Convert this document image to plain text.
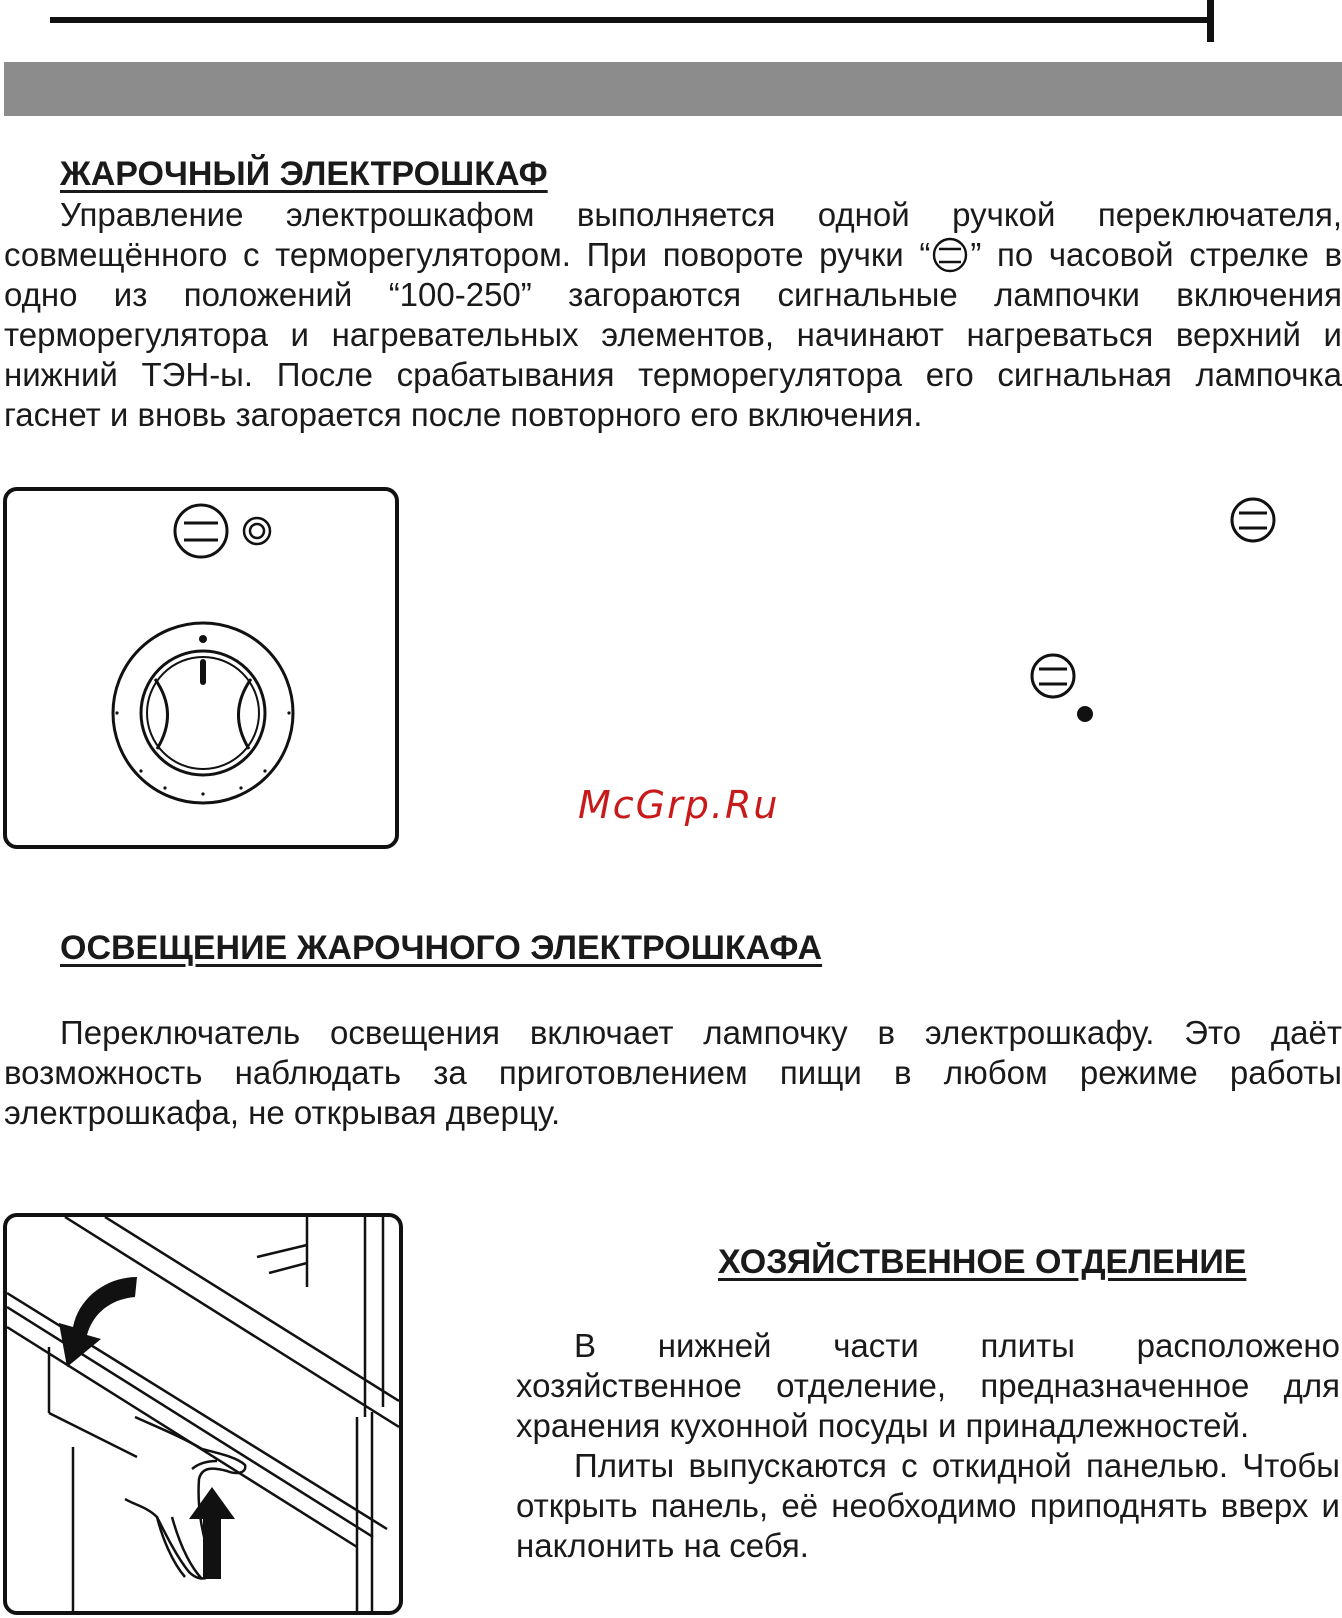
ЖАРОЧНЫЙ ЭЛЕКТРОШКАФ
Управление электрошкафом выполняется одной ручкой переключателя, совмещённого с терморегулятором. При повороте ручки “ ” по часовой стрелке в одно из положений “100-250” загораются сигнальные лампочки включения терморегулятора и нагревательных элементов, начинают нагреваться верхний и нижний ТЭН-ы. После срабатывания терморегулятора его сигнальная лампочка гаснет и вновь загорается после повторного его включения.
McGrp.Ru
ОСВЕЩЕНИЕ ЖАРОЧНОГО ЭЛЕКТРОШКАФА
Переключатель освещения включает лампочку в электрошкафу. Это даёт возможность наблюдать за приготовлением пищи в любом режиме работы электрошкафа, не открывая дверцу.
ХОЗЯЙСТВЕННОЕ ОТДЕЛЕНИЕ
В нижней части плиты расположено хозяйственное отделение, предназначенное для хранения кухонной посуды и принадлежностей.
Плиты выпускаются с откидной панелью. Чтобы открыть панель, её необходимо приподнять вверх и наклонить на себя.
